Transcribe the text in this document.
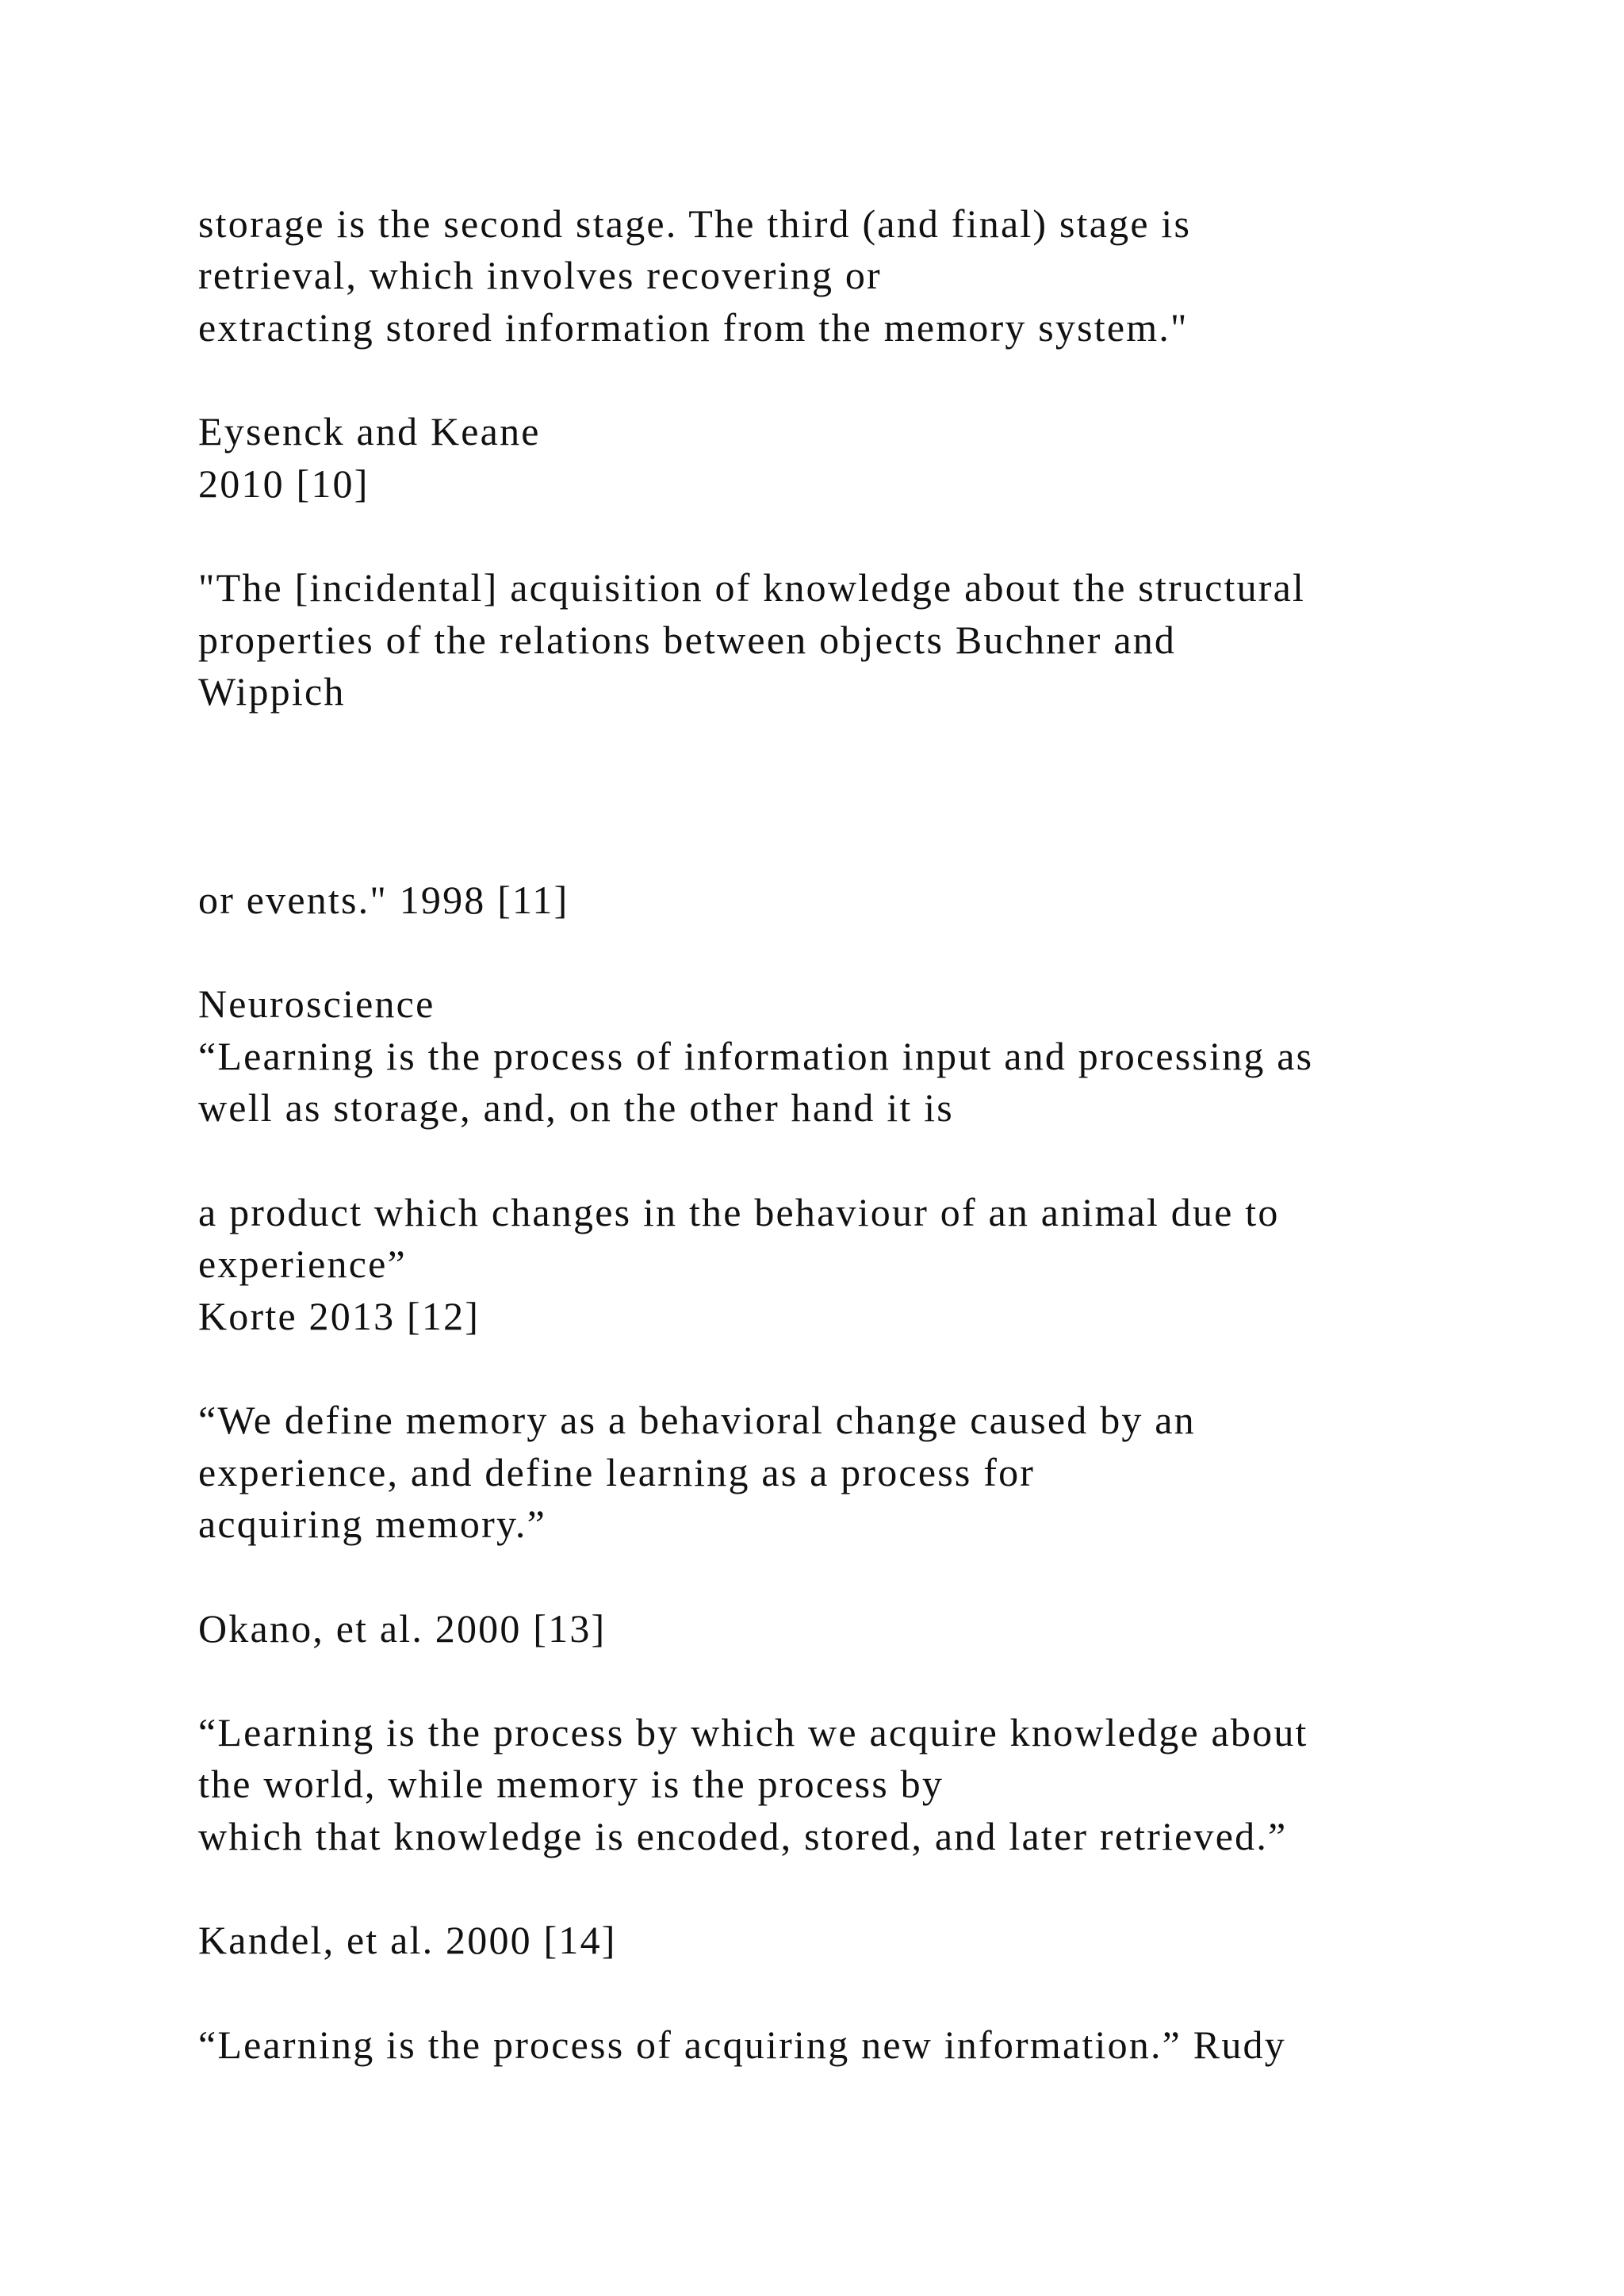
storage is the second stage. The third (and final) stage is

retrieval, which involves recovering or

extracting stored information from the memory system."

Eysenck and Keane

2010 [10]

"The [incidental] acquisition of knowledge about the structural

properties of the relations between objects Buchner and

Wippich

or events." 1998 [11]

Neuroscience

“Learning is the process of information input and processing as

well as storage, and, on the other hand it is

a product which changes in the behaviour of an animal due to

experience”

Korte 2013 [12]

“We define memory as a behavioral change caused by an

experience, and define learning as a process for

acquiring memory.”

Okano, et al. 2000 [13]

“Learning is the process by which we acquire knowledge about

the world, while memory is the process by

which that knowledge is encoded, stored, and later retrieved.”

Kandel, et al. 2000 [14]

“Learning is the process of acquiring new information.” Rudy
